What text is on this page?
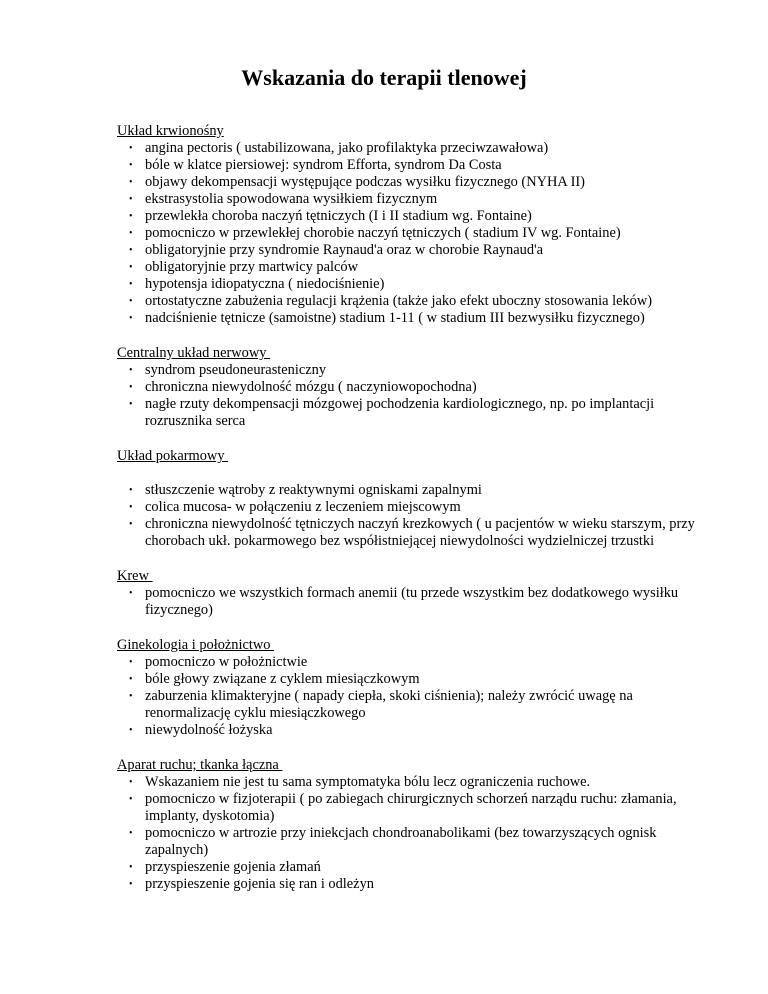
Wskazania do terapii tlenowej
Układ krwionośny
• angina pectoris ( ustabilizowana, jako profilaktyka przeciwzawałowa)
• bóle w klatce piersiowej: syndrom Efforta, syndrom Da Costa
• objawy dekompensacji występujące podczas wysiłku fizycznego (NYHA II)
• ekstrasystolia spowodowana wysiłkiem fizycznym
• przewlekła choroba naczyń tętniczych (I i II stadium wg. Fontaine)
• pomocniczo w przewlekłej chorobie naczyń tętniczych ( stadium IV wg. Fontaine)
• obligatoryjnie przy syndromie Raynaud'a oraz w chorobie Raynaud'a
• obligatoryjnie przy martwicy palców
• hypotensja idiopatyczna ( niedociśnienie)
• ortostatyczne zabużenia regulacji krążenia (także jako efekt uboczny stosowania leków)
• nadciśnienie tętnicze (samoistne) stadium 1-11 ( w stadium III bezwysiłku fizycznego)
Centralny układ nerwowy
• syndrom pseudoneurasteniczny
• chroniczna niewydolność mózgu ( naczyniowopochodna)
• nagłe rzuty dekompensacji mózgowej pochodzenia kardiologicznego, np. po implantacji rozrusznika serca
Układ pokarmowy
• stłuszczenie wątroby z reaktywnymi ogniskami zapalnymi
• colica mucosa- w połączeniu z leczeniem miejscowym
• chroniczna niewydolność tętniczych naczyń krezkowych ( u pacjentów w wieku starszym, przy chorobach ukł. pokarmowego bez współistniejącej niewydolności wydzielniczej trzustki
Krew
• pomocniczo we wszystkich formach anemii (tu przede wszystkim bez dodatkowego wysiłku fizycznego)
Ginekologia i położnictwo
• pomocniczo w położnictwie
• bóle głowy związane z cyklem miesiączkowym
• zaburzenia klimakteryjne ( napady ciepła, skoki ciśnienia); należy zwrócić uwagę na renormalizację cyklu miesiączkowego
• niewydolność łożyska
Aparat ruchu; tkanka łączna
• Wskazaniem nie jest tu sama symptomatyka bólu lecz ograniczenia ruchowe.
• pomocniczo w fizjoterapii ( po zabiegach chirurgicznych schorzeń narządu ruchu: złamania, implanty, dyskotomia)
• pomocniczo w artrozie przy iniekcjach chondroanabolikami (bez towarzyszących ognisk zapalnych)
• przyspieszenie gojenia złamań
• przyspieszenie gojenia się ran i odleżyn
